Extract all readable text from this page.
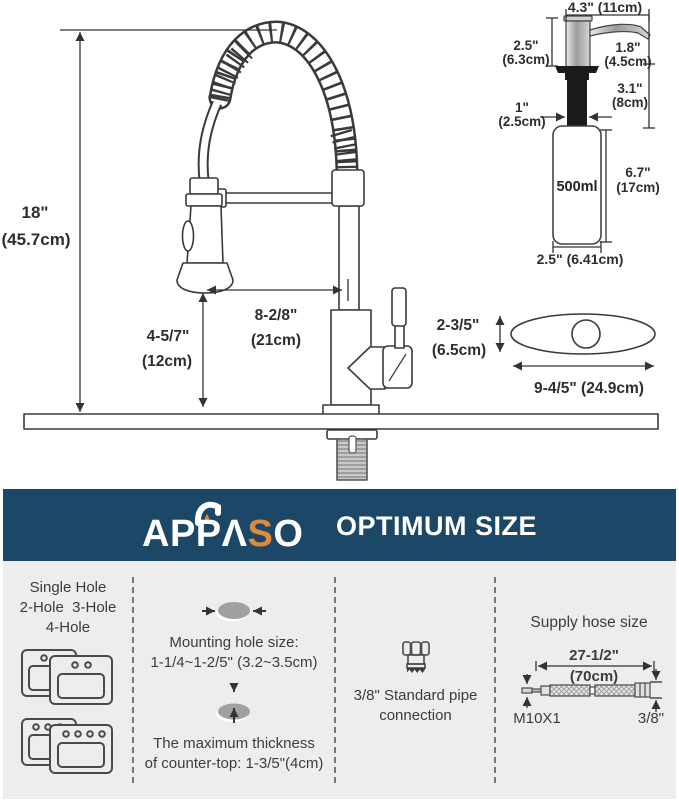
18"
(45.7cm)
4-5/7"
(12cm)
8-2/8"
(21cm)
2-3/5"
(6.5cm)
9-4/5" (24.9cm)
4.3" (11cm)
2.5"
(6.3cm)
1.8"
(4.5cm)
3.1"
(8cm)
1"
(2.5cm)
6.7"
(17cm)
500ml
2.5" (6.41cm)
APPΛSO OPTIMUM SIZE
Single Hole
2-Hole  3-Hole
4-Hole
Mounting hole size:
1-1/4~1-2/5" (3.2~3.5cm)
The maximum thickness
of counter-top: 1-3/5"(4cm)
3/8" Standard pipe
connection
Supply hose size
27-1/2"
(70cm)
M10X1	3/8"
